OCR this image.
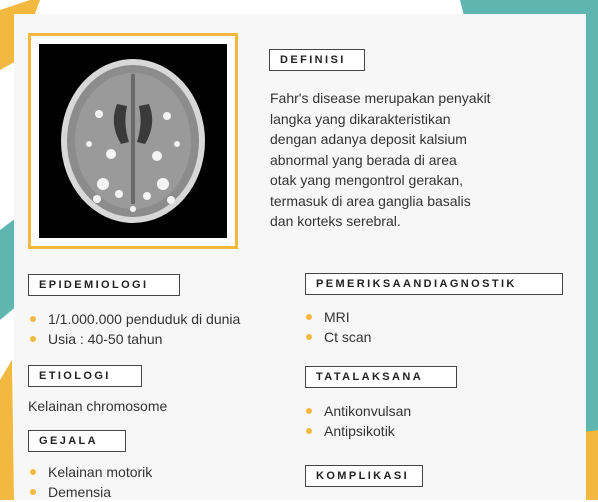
DEFINISI
Fahr's disease merupakan penyakit
langka yang dikarakteristikan
dengan adanya deposit kalsium
abnormal yang berada di area
otak yang mengontrol gerakan,
termasuk di area ganglia basalis
dan korteks serebral.
EPIDEMIOLOGI
1/1.000.000 penduduk di dunia
Usia : 40-50 tahun
ETIOLOGI
Kelainan chromosome
GEJALA
Kelainan motorik
Demensia
PEMERIKSAANDIAGNOSTIK
MRI
Ct scan
TATALAKSANA
Antikonvulsan
Antipsikotik
KOMPLIKASI
